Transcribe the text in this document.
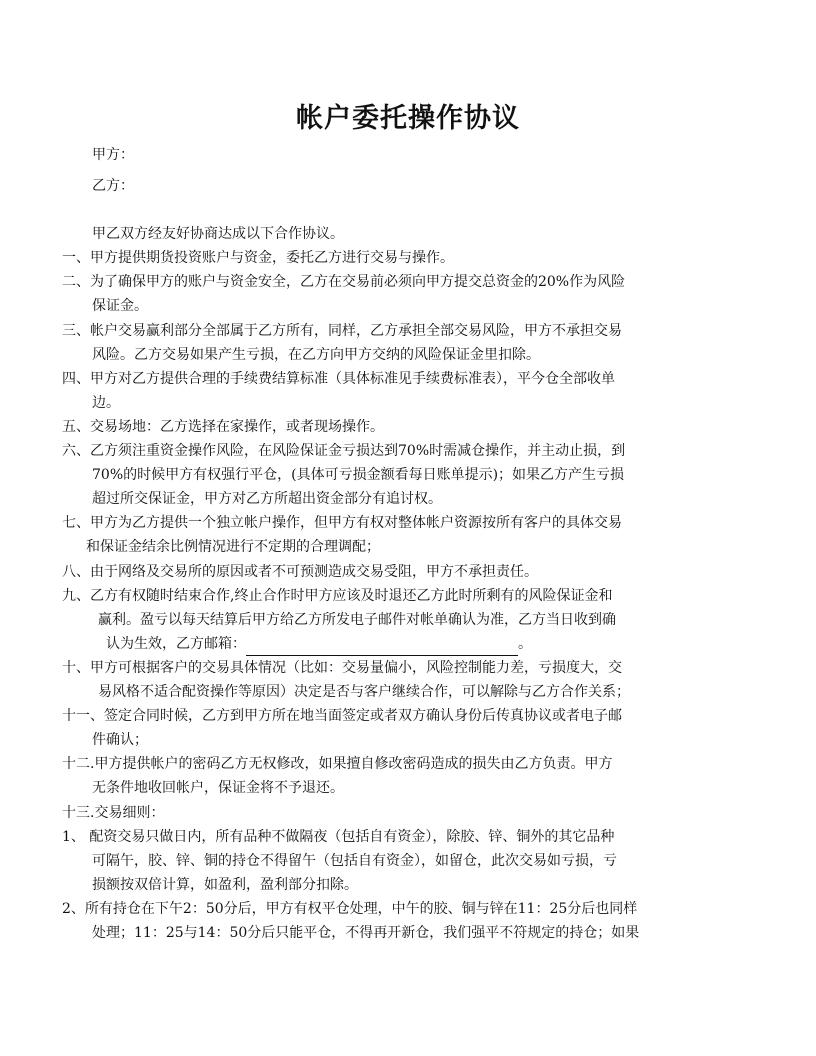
帐户委托操作协议
甲方：
乙方：
甲乙双方经友好协商达成以下合作协议。
一、甲方提供期货投资账户与资金，委托乙方进行交易与操作。
二、为了确保甲方的账户与资金安全，乙方在交易前必须向甲方提交总资金的20%作为风险
保证金。
三、帐户交易赢利部分全部属于乙方所有，同样，乙方承担全部交易风险，甲方不承担交易
风险。乙方交易如果产生亏损，在乙方向甲方交纳的风险保证金里扣除。
四、甲方对乙方提供合理的手续费结算标准（具体标准见手续费标准表），平今仓全部收单
边。
五、交易场地：乙方选择在家操作，或者现场操作。
六、乙方须注重资金操作风险，在风险保证金亏损达到70%时需减仓操作，并主动止损，到
70%的时候甲方有权强行平仓，(具体可亏损金额看每日账单提示)；如果乙方产生亏损
超过所交保证金，甲方对乙方所超出资金部分有追讨权。
七、甲方为乙方提供一个独立帐户操作，但甲方有权对整体帐户资源按所有客户的具体交易
和保证金结余比例情况进行不定期的合理调配；
八、由于网络及交易所的原因或者不可预测造成交易受阻，甲方不承担责任。
九、乙方有权随时结束合作,终止合作时甲方应该及时退还乙方此时所剩有的风险保证金和
赢利。盈亏以每天结算后甲方给乙方所发电子邮件对帐单确认为准，乙方当日收到确
认为生效，乙方邮箱：	。
十、甲方可根据客户的交易具体情况（比如：交易量偏小，风险控制能力差，亏损度大，交
易风格不适合配资操作等原因）决定是否与客户继续合作，可以解除与乙方合作关系；
十一、签定合同时候，乙方到甲方所在地当面签定或者双方确认身份后传真协议或者电子邮
件确认；
十二.甲方提供帐户的密码乙方无权修改，如果擅自修改密码造成的损失由乙方负责。甲方
无条件地收回帐户，保证金将不予退还。
十三.交易细则：
1、 配资交易只做日内，所有品种不做隔夜（包括自有资金），除胶、锌、铜外的其它品种
可隔午，胶、锌、铜的持仓不得留午（包括自有资金），如留仓，此次交易如亏损，亏
损额按双倍计算，如盈利，盈利部分扣除。
2、所有持仓在下午2：50分后，甲方有权平仓处理，中午的胶、铜与锌在11：25分后也同样
处理；11：25与14：50分后只能平仓，不得再开新仓，我们强平不符规定的持仓；如果
